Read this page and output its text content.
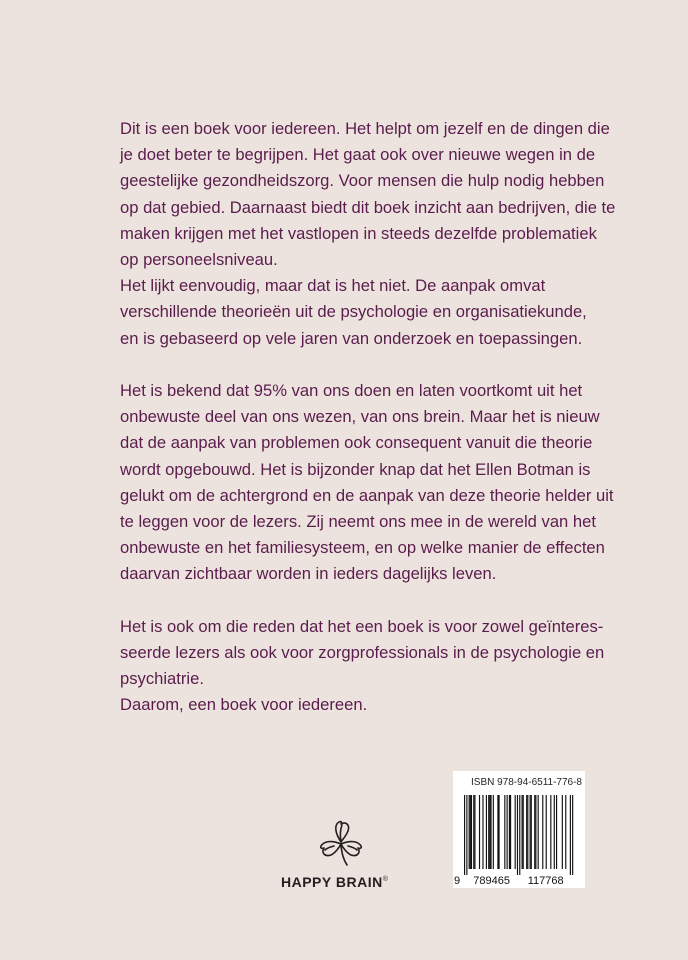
Dit is een boek voor iedereen. Het helpt om jezelf en de dingen die
je doet beter te begrijpen. Het gaat ook over nieuwe wegen in de
geestelijke gezondheidszorg. Voor mensen die hulp nodig hebben
op dat gebied. Daarnaast biedt dit boek inzicht aan bedrijven, die te
maken krijgen met het vastlopen in steeds dezelfde problematiek
op personeelsniveau.
Het lijkt eenvoudig, maar dat is het niet. De aanpak omvat
verschillende theorieën uit de psychologie en organisatiekunde,
en is gebaseerd op vele jaren van onderzoek en toepassingen.

Het is bekend dat 95% van ons doen en laten voortkomt uit het
onbewuste deel van ons wezen, van ons brein. Maar het is nieuw
dat de aanpak van problemen ook consequent vanuit die theorie
wordt opgebouwd. Het is bijzonder knap dat het Ellen Botman is
gelukt om de achtergrond en de aanpak van deze theorie helder uit
te leggen voor de lezers. Zij neemt ons mee in de wereld van het
onbewuste en het familiesysteem, en op welke manier de effecten
daarvan zichtbaar worden in ieders dagelijks leven.

Het is ook om die reden dat het een boek is voor zowel geïnteres-
seerde lezers als ook voor zorgprofessionals in de psychologie en
psychiatrie.
Daarom, een boek voor iedereen.

HAPPY BRAIN®
ISBN 978-94-6511-776-8
9 789465 117768
